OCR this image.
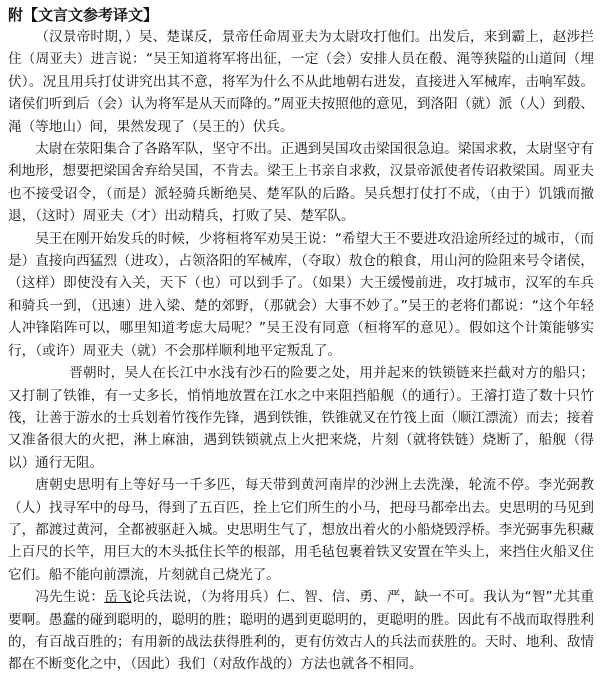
附【文言文参考译文】

（汉景帝时期，）吴、楚谋反，景帝任命周亚夫为太尉攻打他们。出发后，来到霸上，赵涉拦住（周亚夫）进言说：“吴王知道将军将出征，一定（会）安排人员在殽、渑等狭隘的山道间（埋伏）。况且用兵打仗讲究出其不意，将军为什么不从此地朝右进发，直接进入军械库，击响军鼓。诸侯们听到后（会）认为将军是从天而降的。”周亚夫按照他的意见，到洛阳（就）派（人）到殽、渑（等地山）间，果然发现了（吴王的）伏兵。

太尉在荥阳集合了各路军队，坚守不出。正遇到吴国攻击梁国很急迫。梁国求救，太尉坚守有利地形，想要把梁国舍弃给吴国，不肯去。梁王上书亲自求救，汉景帝派使者传诏救梁国。周亚夫也不接受诏令，（而是）派轻骑兵断绝吴、楚军队的后路。吴兵想打仗打不成，（由于）饥饿而撤退，（这时）周亚夫（才）出动精兵，打败了吴、楚军队。

吴王在刚开始发兵的时候，少将桓将军劝吴王说：“希望大王不要进攻沿途所经过的城市，（而是）直接向西猛烈（进攻），占领洛阳的军械库，（夺取）敖仓的粮食，用山河的险阻来号令诸侯，（这样）即使没有入关，天下（也）可以到手了。（如果）大王缓慢前进，攻打城市，汉军的车兵和骑兵一到，（迅速）进入梁、楚的郊野，（那就会）大事不妙了。”吴王的老将们都说：“这个年轻人冲锋陷阵可以，哪里知道考虑大局呢？”吴王没有同意（桓将军的意见）。假如这个计策能够实行，（或许）周亚夫（就）不会那样顺利地平定叛乱了。

晋朝时，吴人在长江中水浅有沙石的险要之处，用并起来的铁锁链来拦截对方的船只；又打制了铁锥，有一丈多长，悄悄地放置在江水之中来阻挡船舰（的通行）。王濬打造了数十只竹筏，让善于游水的士兵划着竹筏作先锋，遇到铁锥，铁锥就叉在竹筏上面（顺江漂流）而去；接着又准备很大的火把，淋上麻油，遇到铁锁就点上火把来烧，片刻（就将铁链）烧断了，船舰（得以）通行无阻。

唐朝史思明有上等好马一千多匹，每天带到黄河南岸的沙洲上去洗澡，轮流不停。李光弼教（人）找寻军中的母马，得到了五百匹，拴上它们所生的小马，把母马都牵出去。史思明的马见到了，都渡过黄河，全都被驱赶入城。史思明生气了，想放出着火的小船烧毁浮桥。李光弼事先积藏上百尺的长竿，用巨大的木头抵住长竿的根部，用毛毡包裹着铁叉安置在竿头上，来挡住火船叉住它们。船不能向前漂流，片刻就自己烧光了。

冯先生说：岳飞论兵法说，（为将用兵）仁、智、信、勇、严，缺一不可。我认为“智”尤其重要啊。愚蠢的碰到聪明的，聪明的胜；聪明的遇到更聪明的，更聪明的胜。因此有不战而取得胜利的，有百战百胜的；有用新的战法获得胜利的，更有仿效古人的兵法而获胜的。天时、地利、敌情都在不断变化之中，（因此）我们（对敌作战的）方法也就各不相同。
